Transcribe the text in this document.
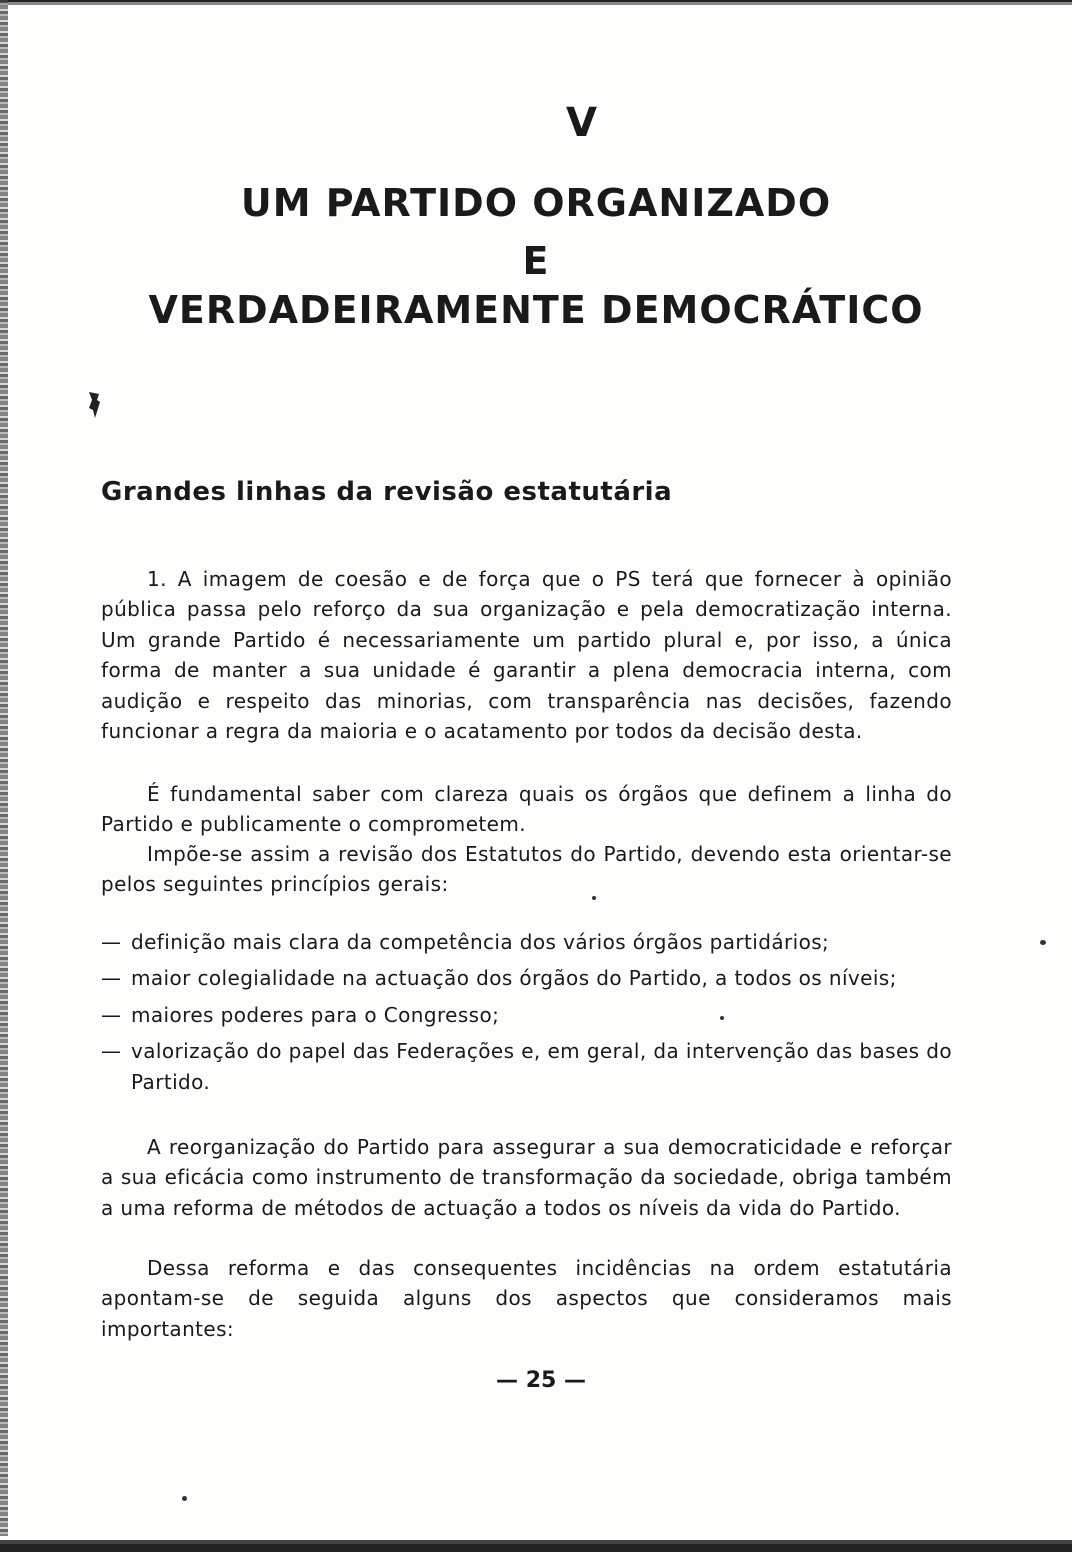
V
UM PARTIDO ORGANIZADO
E
VERDADEIRAMENTE DEMOCRÁTICO
Grandes linhas da revisão estatutária

1. A imagem de coesão e de força que o PS terá que fornecer à opinião pública passa pelo reforço da sua organização e pela democratização interna. Um grande Partido é necessariamente um partido plural e, por isso, a única forma de manter a sua unidade é garantir a plena democracia interna, com audição e respeito das minorias, com transparência nas decisões, fazendo funcionar a regra da maioria e o acatamento por todos da decisão desta.

É fundamental saber com clareza quais os órgãos que definem a linha do Partido e publicamente o comprometem.

Impõe-se assim a revisão dos Estatutos do Partido, devendo esta orientar-se pelos seguintes princípios gerais:

— definição mais clara da competência dos vários órgãos partidários;
— maior colegialidade na actuação dos órgãos do Partido, a todos os níveis;
— maiores poderes para o Congresso;
— valorização do papel das Federações e, em geral, da intervenção das bases do Partido.

A reorganização do Partido para assegurar a sua democraticidade e reforçar a sua eficácia como instrumento de transformação da sociedade, obriga também a uma reforma de métodos de actuação a todos os níveis da vida do Partido.

Dessa reforma e das consequentes incidências na ordem estatutária apontam-se de seguida alguns dos aspectos que consideramos mais importantes:

— 25 —
